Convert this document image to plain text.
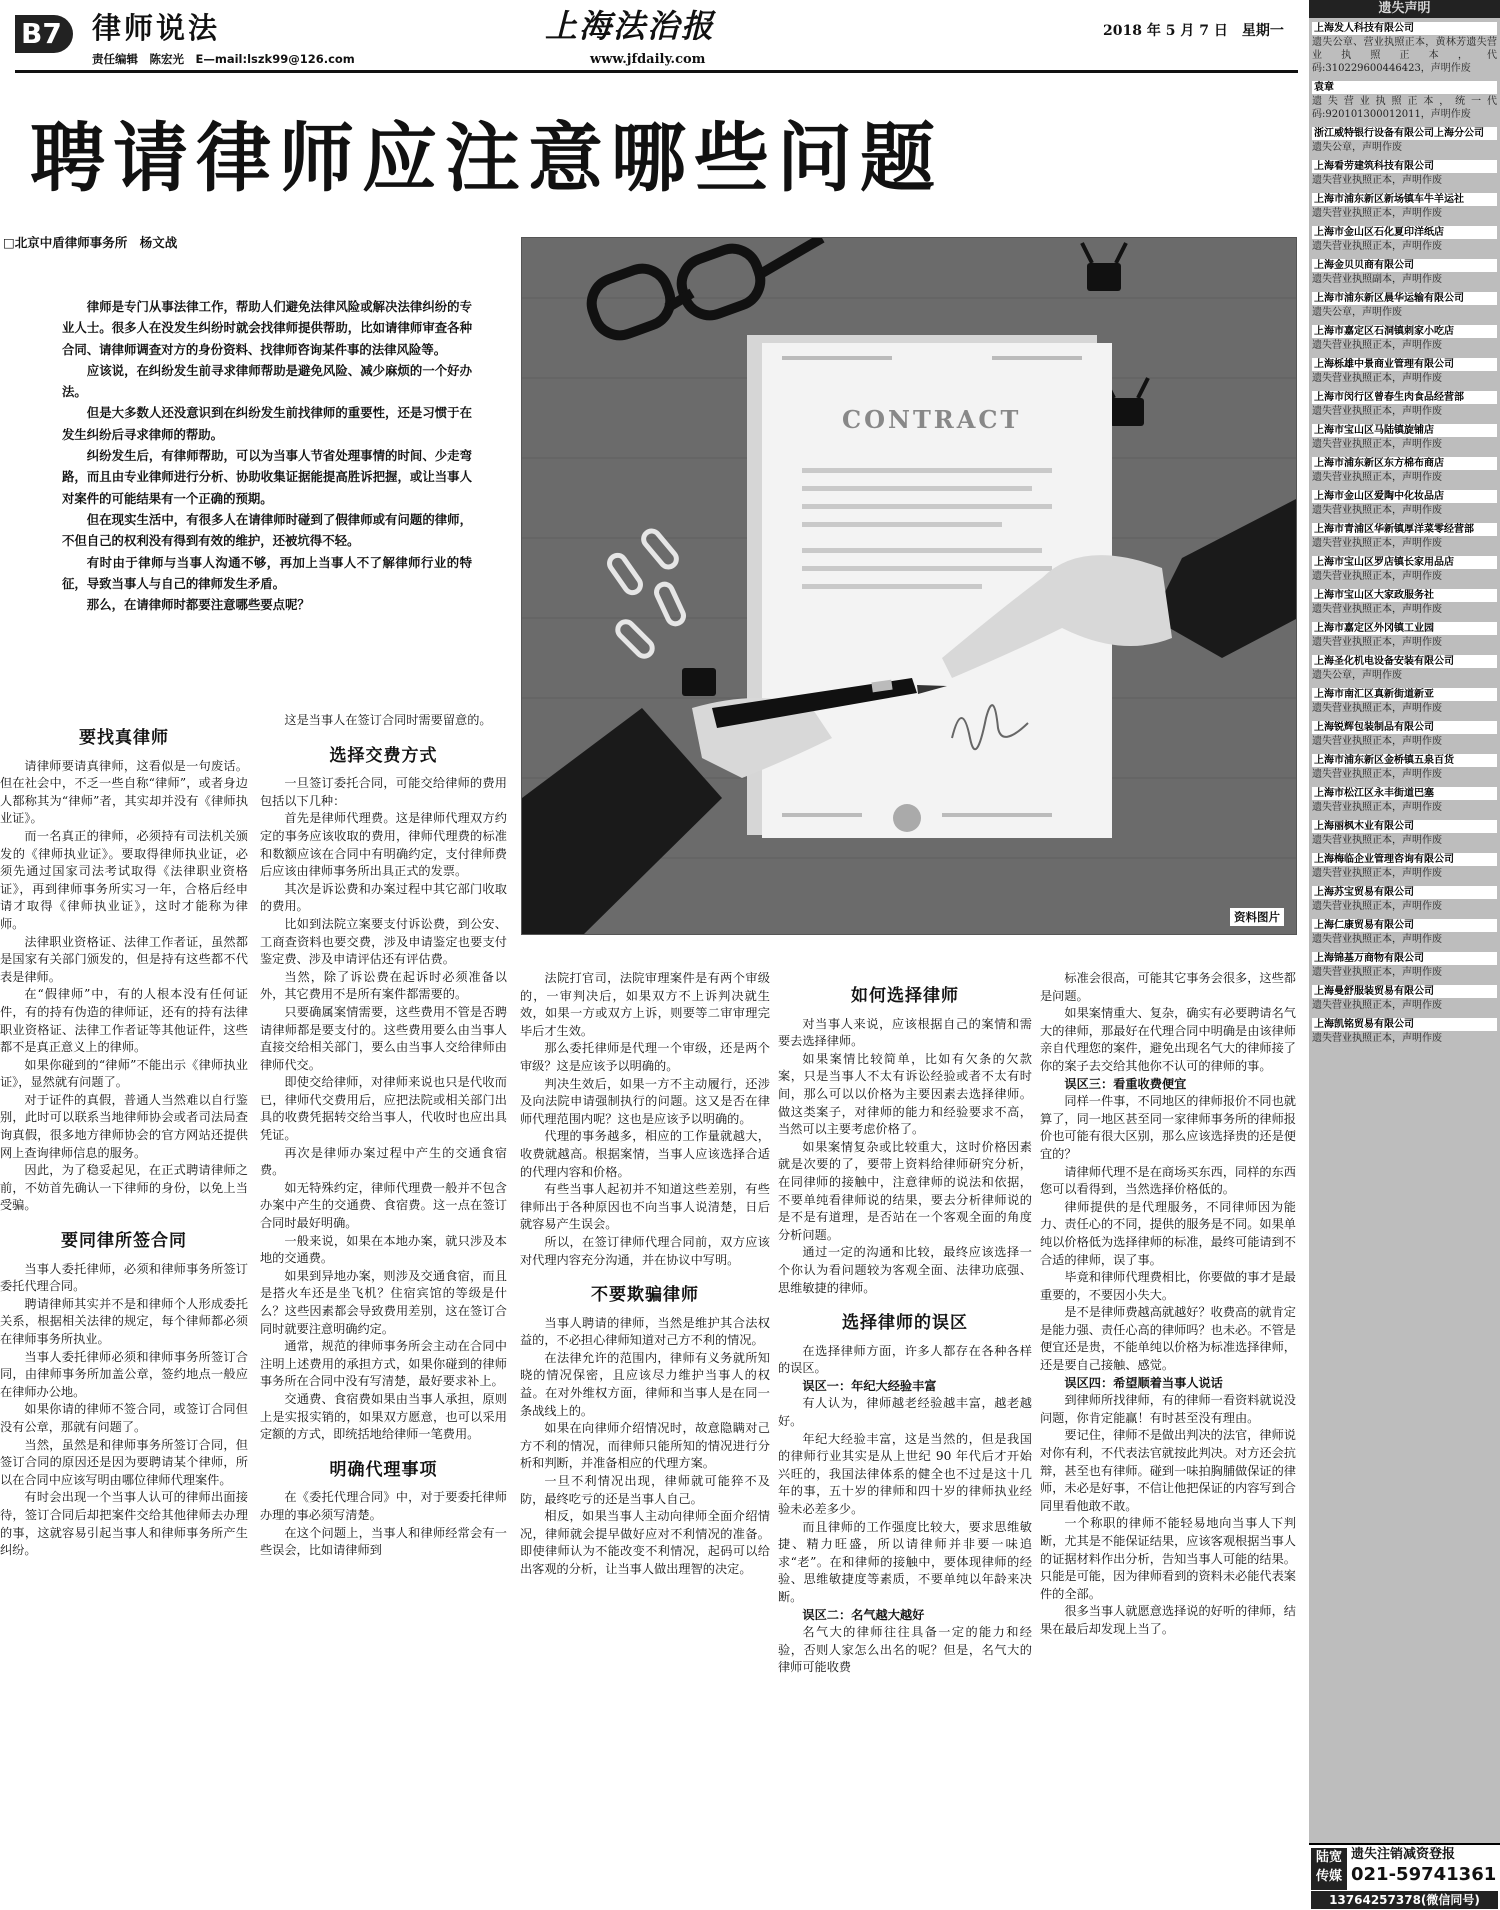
B7	律师说法
责任编辑　陈宏光　E—mail:lszk99@126.com
上海法治报
www.jfdaily.com
2018 年 5 月 7 日　星期一
聘请律师应注意哪些问题
□北京中盾律师事务所　杨文战

律师是专门从事法律工作，帮助人们避免法律风险或解决法律纠纷的专业人士。很多人在没发生纠纷时就会找律师提供帮助，比如请律师审查各种合同、请律师调查对方的身份资料、找律师咨询某件事的法律风险等。

应该说，在纠纷发生前寻求律师帮助是避免风险、减少麻烦的一个好办法。

但是大多数人还没意识到在纠纷发生前找律师的重要性，还是习惯于在发生纠纷后寻求律师的帮助。

纠纷发生后，有律师帮助，可以为当事人节省处理事情的时间、少走弯路，而且由专业律师进行分析、协助收集证据能提高胜诉把握，或让当事人对案件的可能结果有一个正确的预期。

但在现实生活中，有很多人在请律师时碰到了假律师或有问题的律师，不但自己的权利没有得到有效的维护，还被坑得不轻。

有时由于律师与当事人沟通不够，再加上当事人不了解律师行业的特征，导致当事人与自己的律师发生矛盾。

那么，在请律师时都要注意哪些要点呢？

CONTRACT
资料图片
要找真律师

请律师要请真律师，这看似是一句废话。但在社会中，不乏一些自称“律师”，或者身边人都称其为“律师”者，其实却并没有《律师执业证》。

而一名真正的律师，必须持有司法机关颁发的《律师执业证》。要取得律师执业证，必须先通过国家司法考试取得《法律职业资格证》，再到律师事务所实习一年，合格后经申请才取得《律师执业证》，这时才能称为律师。

法律职业资格证、法律工作者证，虽然都是国家有关部门颁发的，但是持有这些都不代表是律师。

在“假律师”中，有的人根本没有任何证件，有的持有伪造的律师证，还有的持有法律职业资格证、法律工作者证等其他证件，这些都不是真正意义上的律师。

如果你碰到的“律师”不能出示《律师执业证》，显然就有问题了。

对于证件的真假，普通人当然难以自行鉴别，此时可以联系当地律师协会或者司法局查询真假，很多地方律师协会的官方网站还提供网上查询律师信息的服务。

因此，为了稳妥起见，在正式聘请律师之前，不妨首先确认一下律师的身份，以免上当受骗。

要同律所签合同

当事人委托律师，必须和律师事务所签订委托代理合同。

聘请律师其实并不是和律师个人形成委托关系，根据相关法律的规定，每个律师都必须在律师事务所执业。

当事人委托律师必须和律师事务所签订合同，由律师事务所加盖公章，签约地点一般应在律师办公地。

如果你请的律师不签合同，或签订合同但没有公章，那就有问题了。

当然，虽然是和律师事务所签订合同，但签订合同的原因还是因为要聘请某个律师，所以在合同中应该写明由哪位律师代理案件。

有时会出现一个当事人认可的律师出面接待，签订合同后却把案件交给其他律师去办理的事，这就容易引起当事人和律师事务所产生纠纷。

这是当事人在签订合同时需要留意的。

选择交费方式

一旦签订委托合同，可能交给律师的费用包括以下几种：

首先是律师代理费。这是律师代理双方约定的事务应该收取的费用，律师代理费的标准和数额应该在合同中有明确约定，支付律师费后应该由律师事务所出具正式的发票。

其次是诉讼费和办案过程中其它部门收取的费用。

比如到法院立案要支付诉讼费，到公安、工商查资料也要交费，涉及申请鉴定也要支付鉴定费、涉及申请评估还有评估费。

当然，除了诉讼费在起诉时必须准备以外，其它费用不是所有案件都需要的。

只要确属案情需要，这些费用不管是否聘请律师都是要支付的。这些费用要么由当事人直接交给相关部门，要么由当事人交给律师由律师代交。

即使交给律师，对律师来说也只是代收而已，律师代交费用后，应把法院或相关部门出具的收费凭据转交给当事人，代收时也应出具凭证。

再次是律师办案过程中产生的交通食宿费。

如无特殊约定，律师代理费一般并不包含办案中产生的交通费、食宿费。这一点在签订合同时最好明确。

一般来说，如果在本地办案，就只涉及本地的交通费。

如果到异地办案，则涉及交通食宿，而且是搭火车还是坐飞机？住宿宾馆的等级是什么？这些因素都会导致费用差别，这在签订合同时就要注意明确约定。

通常，规范的律师事务所会主动在合同中注明上述费用的承担方式，如果你碰到的律师事务所在合同中没有写清楚，最好要求补上。

交通费、食宿费如果由当事人承担，原则上是实报实销的，如果双方愿意，也可以采用定额的方式，即统括地给律师一笔费用。

明确代理事项

在《委托代理合同》中，对于要委托律师办理的事必须写清楚。

在这个问题上，当事人和律师经常会有一些误会，比如请律师到

法院打官司，法院审理案件是有两个审级的，一审判决后，如果双方不上诉判决就生效，如果一方或双方上诉，则要等二审审理完毕后才生效。

那么委托律师是代理一个审级，还是两个审级？这是应该予以明确的。

判决生效后，如果一方不主动履行，还涉及向法院申请强制执行的问题。这又是否在律师代理范围内呢？这也是应该予以明确的。

代理的事务越多，相应的工作量就越大，收费就越高。根据案情，当事人应该选择合适的代理内容和价格。

有些当事人起初并不知道这些差别，有些律师出于各种原因也不向当事人说清楚，日后就容易产生误会。

所以，在签订律师代理合同前，双方应该对代理内容充分沟通，并在协议中写明。

不要欺骗律师

当事人聘请的律师，当然是维护其合法权益的，不必担心律师知道对己方不利的情况。

在法律允许的范围内，律师有义务就所知晓的情况保密，且应该尽力维护当事人的权益。在对外维权方面，律师和当事人是在同一条战线上的。

如果在向律师介绍情况时，故意隐瞒对己方不利的情况，而律师只能所知的情况进行分析和判断，并准备相应的代理方案。

一旦不利情况出现，律师就可能猝不及防，最终吃亏的还是当事人自己。

相反，如果当事人主动向律师全面介绍情况，律师就会提早做好应对不利情况的准备。即使律师认为不能改变不利情况，起码可以给出客观的分析，让当事人做出理智的决定。

如何选择律师

对当事人来说，应该根据自己的案情和需要去选择律师。

如果案情比较简单，比如有欠条的欠款案，只是当事人不太有诉讼经验或者不太有时间，那么可以以价格为主要因素去选择律师。做这类案子，对律师的能力和经验要求不高，当然可以主要考虑价格了。

如果案情复杂或比较重大，这时价格因素就是次要的了，要带上资料给律师研究分析，在同律师的接触中，注意律师的说法和依据，不要单纯看律师说的结果，要去分析律师说的是不是有道理，是否站在一个客观全面的角度分析问题。

通过一定的沟通和比较，最终应该选择一个你认为看问题较为客观全面、法律功底强、思维敏捷的律师。

选择律师的误区

在选择律师方面，许多人都存在各种各样的误区。

误区一：年纪大经验丰富

有人认为，律师越老经验越丰富，越老越好。

年纪大经验丰富，这是当然的，但是我国的律师行业其实是从上世纪 90 年代后才开始兴旺的，我国法律体系的健全也不过是这十几年的事，五十岁的律师和四十岁的律师执业经验未必差多少。

而且律师的工作强度比较大，要求思维敏捷、精力旺盛，所以请律师并非要一味追求“老”。在和律师的接触中，要体现律师的经验、思维敏捷度等素质，不要单纯以年龄来决断。

误区二：名气越大越好

名气大的律师往往具备一定的能力和经验，否则人家怎么出名的呢？但是，名气大的律师可能收费

标准会很高，可能其它事务会很多，这些都是问题。

如果案情重大、复杂，确实有必要聘请名气大的律师，那最好在代理合同中明确是由该律师亲自代理您的案件，避免出现名气大的律师接了你的案子去交给其他你不认可的律师的事。

误区三：看重收费便宜

同样一件事，不同地区的律师报价不同也就算了，同一地区甚至同一家律师事务所的律师报价也可能有很大区别，那么应该选择贵的还是便宜的？

请律师代理不是在商场买东西，同样的东西您可以看得到，当然选择价格低的。

律师提供的是代理服务，不同律师因为能力、责任心的不同，提供的服务是不同。如果单纯以价格低为选择律师的标准，最终可能请到不合适的律师，误了事。

毕竟和律师代理费相比，你要做的事才是最重要的，不要因小失大。

是不是律师费越高就越好？收费高的就肯定是能力强、责任心高的律师吗？也未必。不管是便宜还是贵，不能单纯以价格为标准选择律师，还是要自己接触、感觉。

误区四：希望顺着当事人说话

到律师所找律师，有的律师一看资料就说没问题，你肯定能赢！有时甚至没有理由。

要记住，律师不是做出判决的法官，律师说对你有利，不代表法官就按此判决。对方还会抗辩，甚至也有律师。碰到一味拍胸脯做保证的律师，未必是好事，不信让他把保证的内容写到合同里看他敢不敢。

一个称职的律师不能轻易地向当事人下判断，尤其是不能保证结果，应该客观根据当事人的证据材料作出分析，告知当事人可能的结果。只能是可能，因为律师看到的资料未必能代表案件的全部。

很多当事人就愿意选择说的好听的律师，结果在最后却发现上当了。

遗失声明
上海发人科技有限公司
遗失公章、营业执照正本，黄林芳遗失营业执照正本，代码:310229600446423，声明作废
袁章
遗失营业执照正本，统一代码:920101300012011，声明作废
浙江威特银行设备有限公司上海分公司
遗失公章，声明作废
上海看劳建筑科技有限公司
遗失营业执照正本，声明作废
上海市浦东新区新场镇车牛羊运社
遗失营业执照正本，声明作废
上海市金山区石化夏印洋纸店
遗失营业执照正本，声明作废
上海金贝贝商有限公司
遗失营业执照副本，声明作废
上海市浦东新区晨华运输有限公司
遗失公章，声明作废
上海市嘉定区石洞镇刺家小吃店
遗失营业执照正本，声明作废
上海栎雄中景商业管理有限公司
遗失营业执照正本，声明作废
上海市闵行区曾春生肉食品经营部
遗失营业执照正本，声明作废
上海市宝山区马陆镇旋铺店
遗失营业执照正本，声明作废
上海市浦东新区东方棉布商店
遗失营业执照正本，声明作废
上海市金山区爱陶中化妆品店
遗失营业执照正本，声明作废
上海市青浦区华新镇厚洋菜零经营部
遗失营业执照正本，声明作废
上海市宝山区罗店镇长家用品店
遗失营业执照正本，声明作废
上海市宝山区大家政服务社
遗失营业执照正本，声明作废
上海市嘉定区外冈镇工业园
遗失营业执照正本，声明作废
上海圣化机电设备安装有限公司
遗失公章，声明作废
上海市南汇区真新街道新亚
遗失营业执照正本，声明作废
上海锐辉包装制品有限公司
遗失营业执照正本，声明作废
上海市浦东新区金桥镇五泉百货
遗失营业执照正本，声明作废
上海市松江区永丰街道巴塞
遗失营业执照正本，声明作废
上海丽枫木业有限公司
遗失营业执照正本，声明作废
上海梅临企业管理咨询有限公司
遗失营业执照正本，声明作废
上海苏宝贸易有限公司
遗失营业执照正本，声明作废
上海仁康贸易有限公司
遗失营业执照正本，声明作废
上海锦基万商物有限公司
遗失营业执照正本，声明作废
上海曼舒服装贸易有限公司
遗失营业执照正本，声明作废
上海凯铭贸易有限公司
遗失营业执照正本，声明作废
陆宽
传媒
遗失注销减资登报
021-59741361
13764257378(微信同号)
